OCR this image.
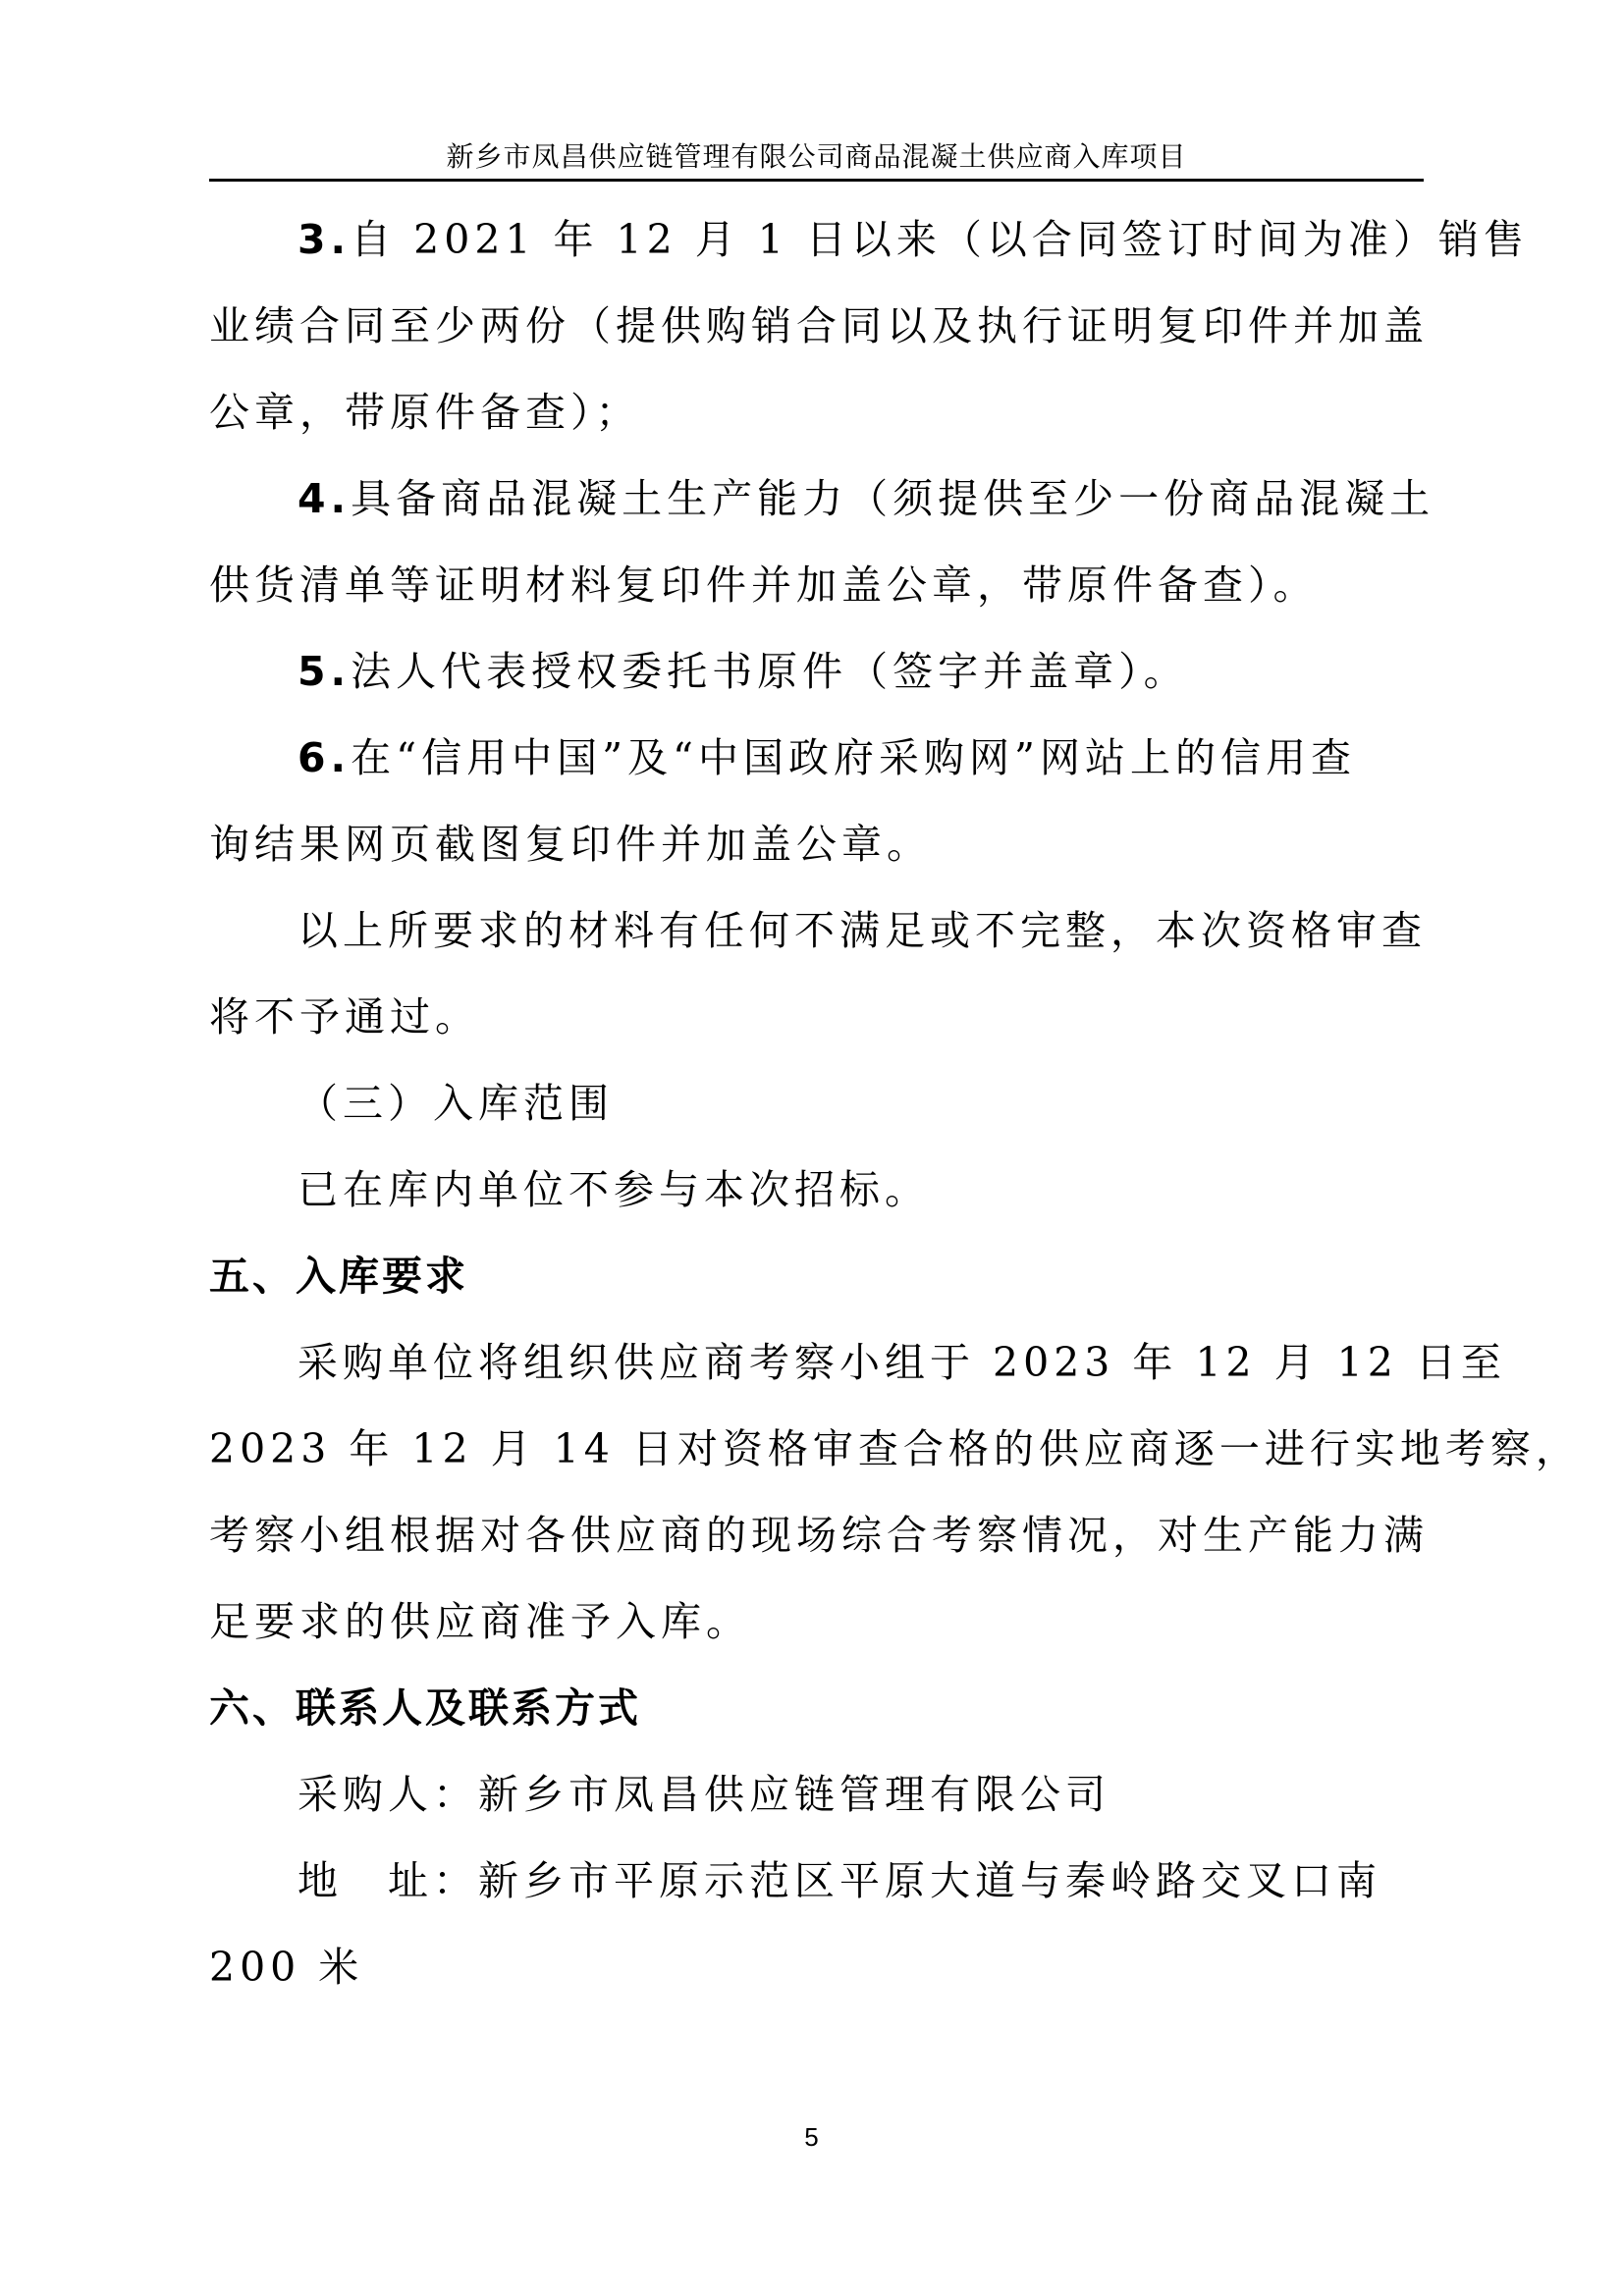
新乡市凤昌供应链管理有限公司商品混凝土供应商入库项目

3.自 2021 年 12 月 1 日以来（以合同签订时间为准）销售

业绩合同至少两份（提供购销合同以及执行证明复印件并加盖

公章，带原件备查）；

4.具备商品混凝土生产能力（须提供至少一份商品混凝土

供货清单等证明材料复印件并加盖公章，带原件备查）。

5.法人代表授权委托书原件（签字并盖章）。

6.在“信用中国”及“中国政府采购网”网站上的信用查

询结果网页截图复印件并加盖公章。

以上所要求的材料有任何不满足或不完整，本次资格审查

将不予通过。

（三）入库范围

已在库内单位不参与本次招标。

五、入库要求

采购单位将组织供应商考察小组于 2023 年 12 月 12 日至

2023 年 12 月 14 日对资格审查合格的供应商逐一进行实地考察，

考察小组根据对各供应商的现场综合考察情况，对生产能力满

足要求的供应商准予入库。

六、联系人及联系方式

采购人：新乡市凤昌供应链管理有限公司

地　址：新乡市平原示范区平原大道与秦岭路交叉口南

200 米

5
